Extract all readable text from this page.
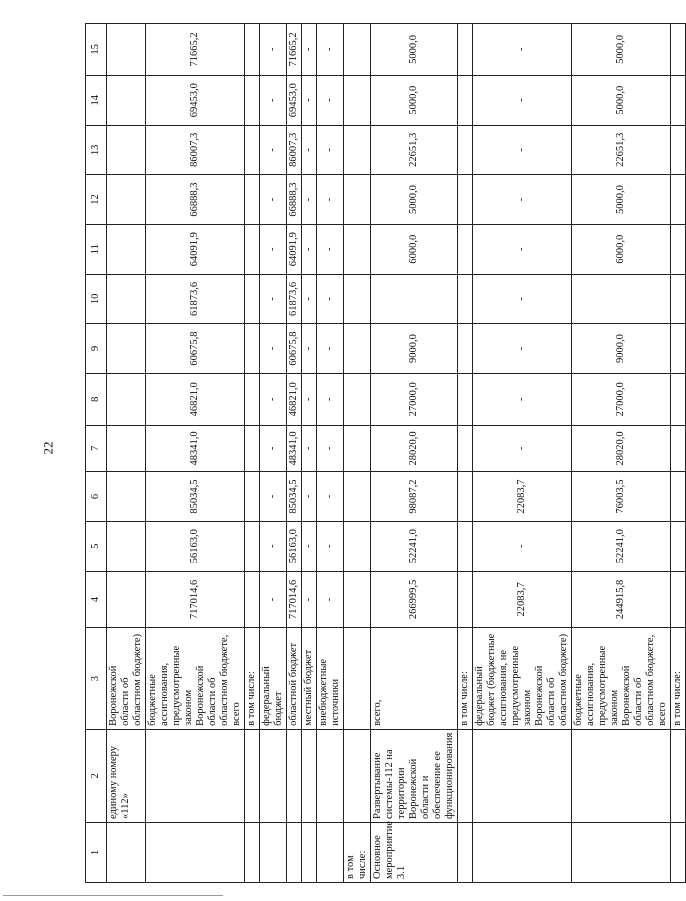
22
1	2	3	4	5	6	7	8	9	10	11	12	13	14	15
	единому номеру «112»	Воронежской области об областном бюджете)												
		бюджетные ассигнования, предусмотренные законом Воронежской области об областном бюджете, всего	717014,6	56163,0	85034,5	48341,0	46821,0	60675,8	61873,6	64091,9	66888,3	86007,3	69453,0	71665,2
		в том числе:												
		федеральный бюджет	-	-	-	-	-	-	-	-	-	-	-	-
		областной бюджет	717014,6	56163,0	85034,5	48341,0	46821,0	60675,8	61873,6	64091,9	66888,3	86007,3	69453,0	71665,2
		местный бюджет	-	-	-	-	-	-	-	-	-	-	-	-
		внебюджетные источники	-	-	-	-	-	-	-	-	-	-	-	-
в том числе:														
Основное мероприятие 3.1	Развертывание системы-112 на территории Воронежской области и обеспечение ее функционирования	всего,	266999,5	52241,0	98087,2	28020,0	27000,0	9000,0		6000,0	5000,0	22651,3	5000,0	5000,0
		в том числе:												
		федеральный бюджет (бюджетные ассигнования, не предусмотренные законом Воронежской области об областном бюджете)	22083,7	-	22083,7	-	-	-	-	-	-	-	-	-
		бюджетные ассигнования, предусмотренные законом Воронежской области об областном бюджете, всего	244915,8	52241,0	76003,5	28020,0	27000,0	9000,0		6000,0	5000,0	22651,3	5000,0	5000,0
		в том числе:												
